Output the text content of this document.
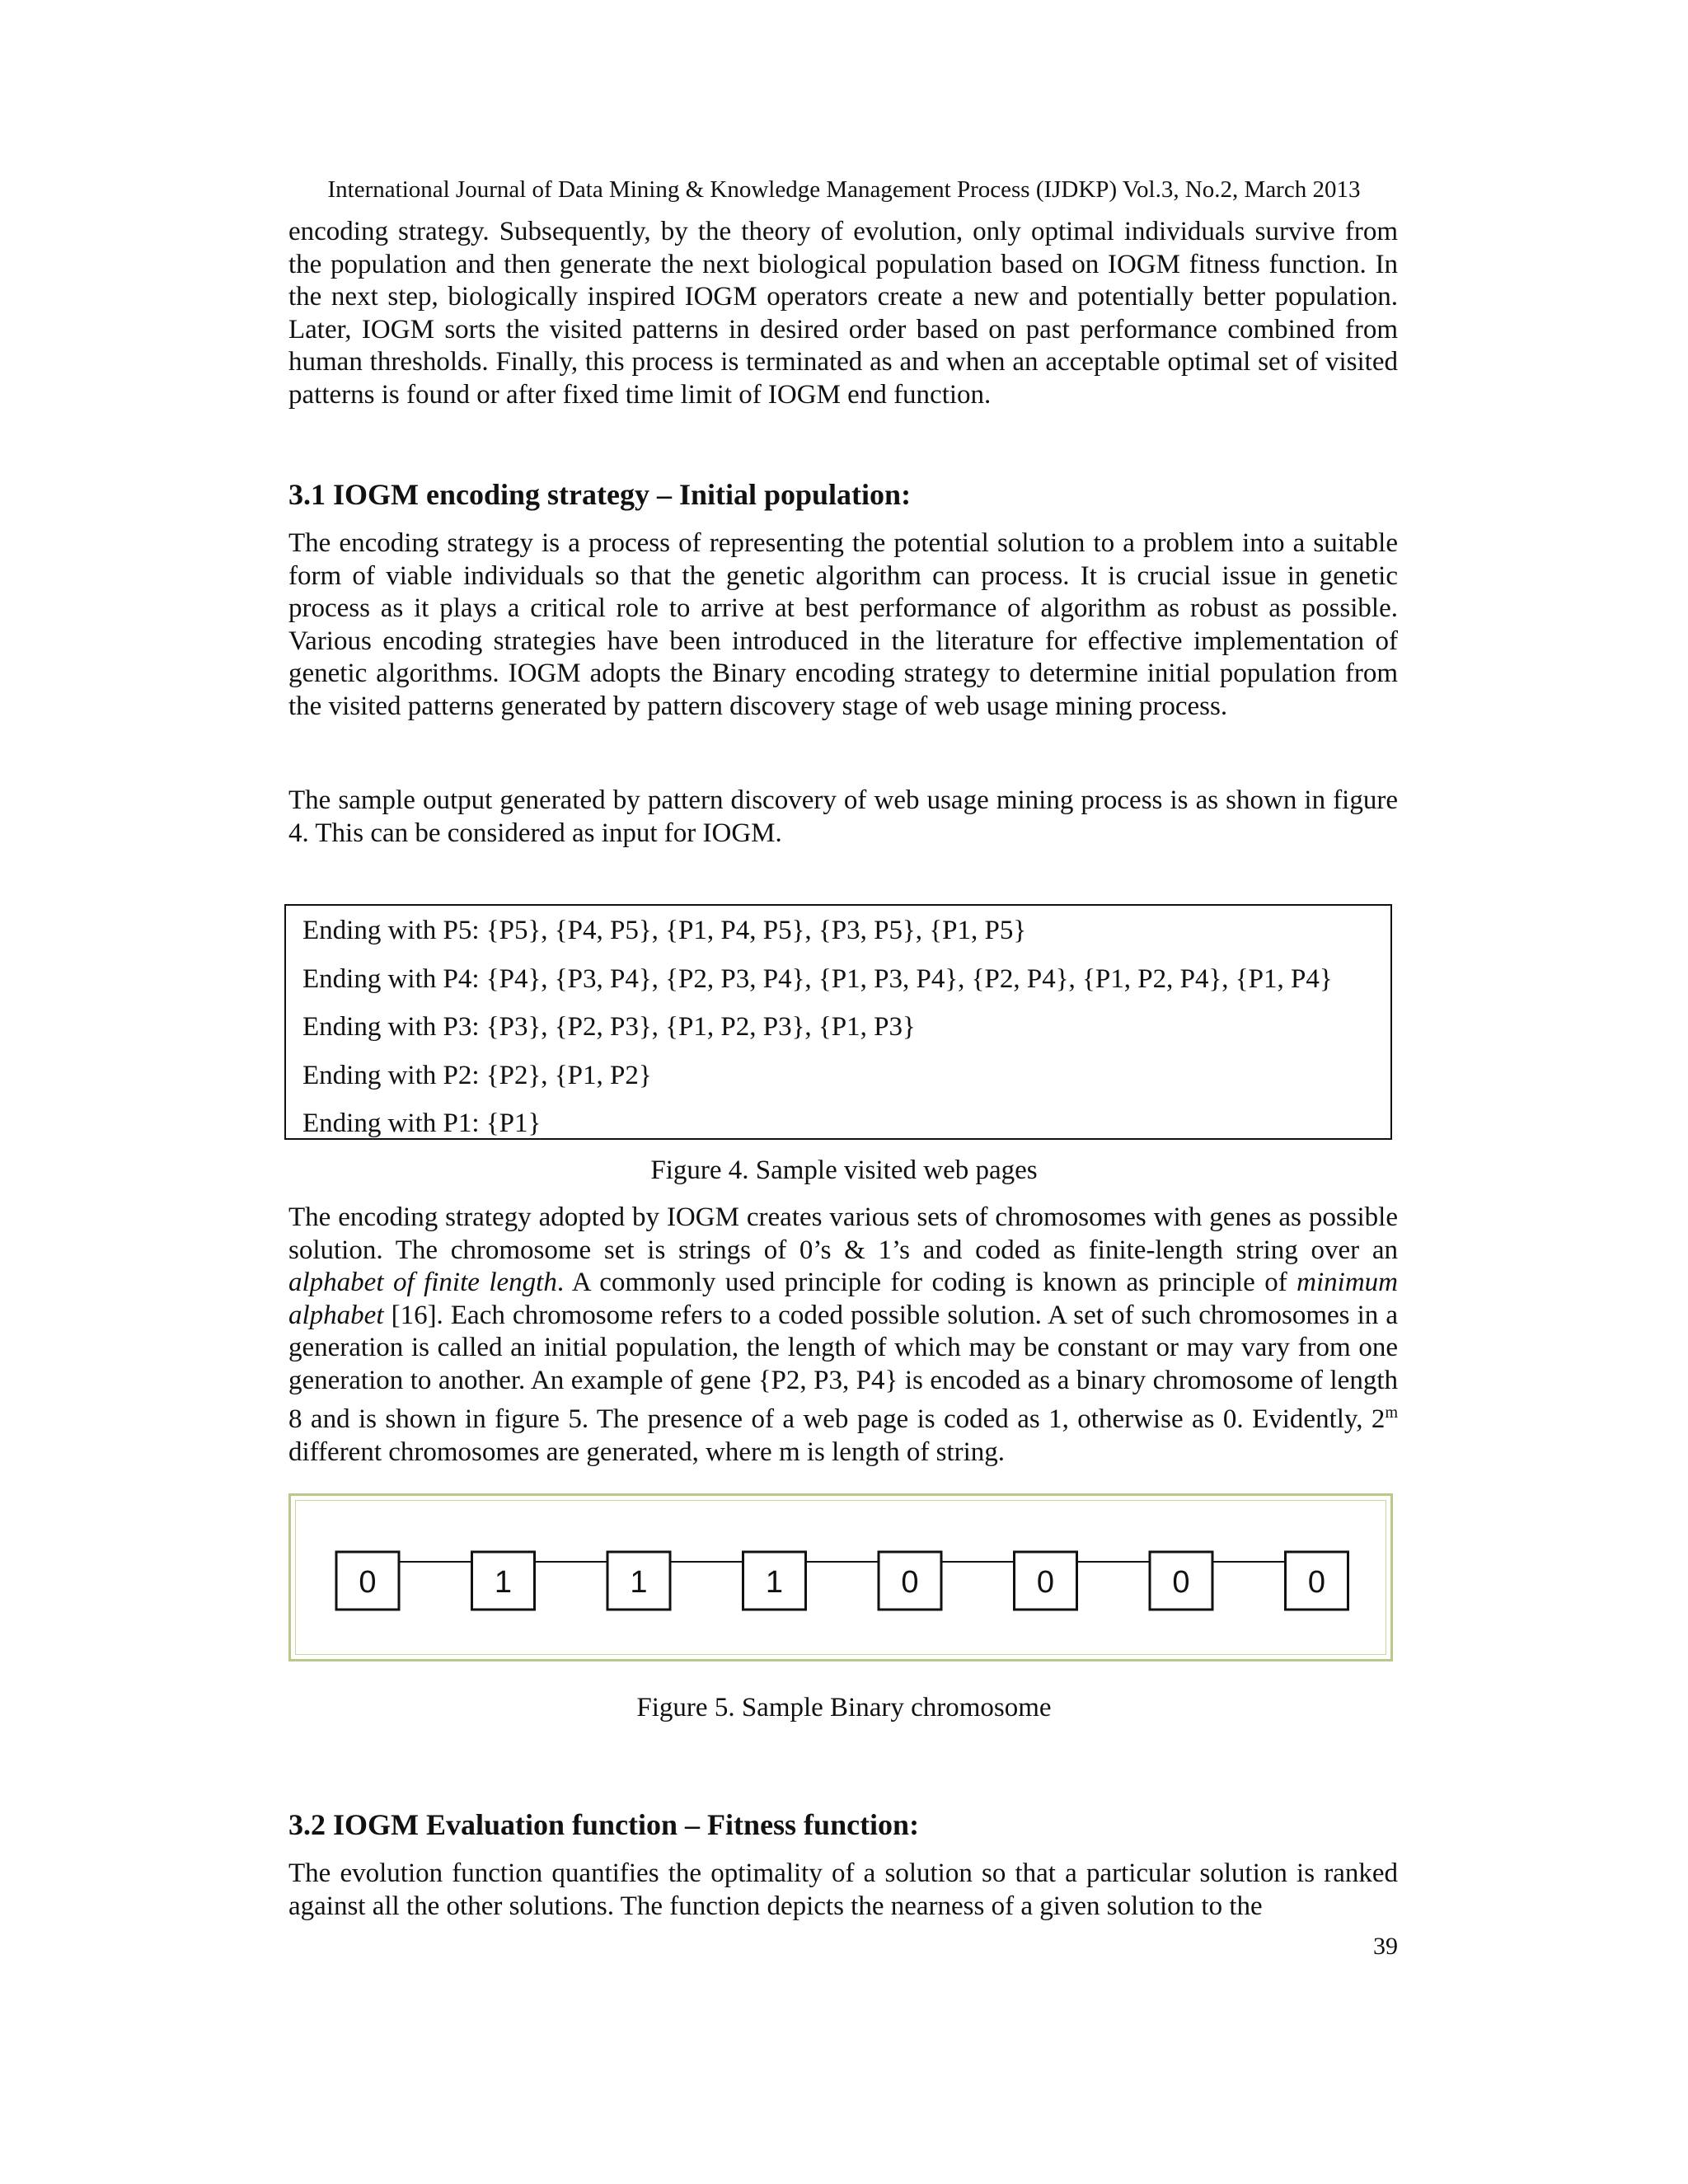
International Journal of Data Mining & Knowledge Management Process (IJDKP) Vol.3, No.2, March 2013

encoding strategy. Subsequently, by the theory of evolution, only optimal individuals survive from the population and then generate the next biological population based on IOGM fitness function. In the next step, biologically inspired IOGM operators create a new and potentially better population. Later, IOGM sorts the visited patterns in desired order based on past performance combined from human thresholds. Finally, this process is terminated as and when an acceptable optimal set of visited patterns is found or after fixed time limit of IOGM end function.

3.1 IOGM encoding strategy – Initial population:

The encoding strategy is a process of representing the potential solution to a problem into a suitable form of viable individuals so that the genetic algorithm can process. It is crucial issue in genetic process as it plays a critical role to arrive at best performance of algorithm as robust as possible. Various encoding strategies have been introduced in the literature for effective implementation of genetic algorithms. IOGM adopts the Binary encoding strategy to determine initial population from the visited patterns generated by pattern discovery stage of web usage mining process.

The sample output generated by pattern discovery of web usage mining process is as shown in figure 4. This can be considered as input for IOGM.

Ending with P5: {P5}, {P4, P5}, {P1, P4, P5}, {P3, P5}, {P1, P5}
Ending with P4: {P4}, {P3, P4}, {P2, P3, P4}, {P1, P3, P4}, {P2, P4}, {P1, P2, P4}, {P1, P4}
Ending with P3: {P3}, {P2, P3}, {P1, P2, P3}, {P1, P3}
Ending with P2: {P2}, {P1, P2}
Ending with P1: {P1}
Figure 4. Sample visited web pages

The encoding strategy adopted by IOGM creates various sets of chromosomes with genes as possible solution. The chromosome set is strings of 0’s & 1’s and coded as finite-length string over an alphabet of finite length. A commonly used principle for coding is known as principle of minimum alphabet [16]. Each chromosome refers to a coded possible solution. A set of such chromosomes in a generation is called an initial population, the length of which may be constant or may vary from one generation to another. An example of gene {P2, P3, P4} is encoded as a binary chromosome of length 8 and is shown in figure 5. The presence of a web page is coded as 1, otherwise as 0. Evidently, 2$^m$ different chromosomes are generated, where m is length of string.

0	1	1	1	0	0	0	0
Figure 5. Sample Binary chromosome
3.2 IOGM Evaluation function – Fitness function:

The evolution function quantifies the optimality of a solution so that a particular solution is ranked against all the other solutions. The function depicts the nearness of a given solution to the

39
